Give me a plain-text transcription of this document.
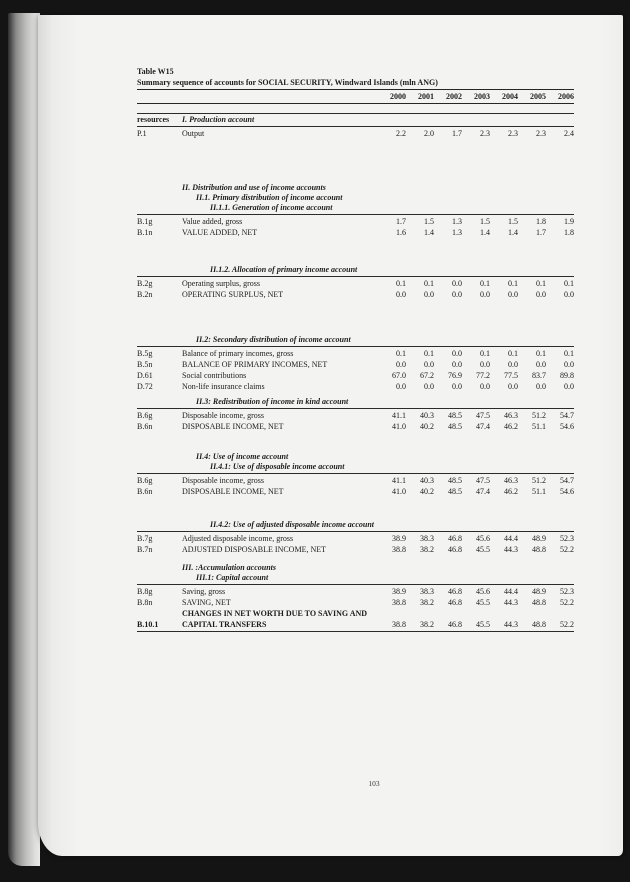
Table W15
Summary sequence of accounts for SOCIAL SECURITY, Windward Islands (mln ANG)
2000	2001	2002	2003	2004	2005	2006
resources	I. Production account
P.1	Output	2.2	2.0	1.7	2.3	2.3	2.3	2.4
II. Distribution and use of income accounts
II.1. Primary distribution of income account
II.1.1. Generation of income account
B.1g	Value added, gross	1.7	1.5	1.3	1.5	1.5	1.8	1.9
B.1n	VALUE ADDED, NET	1.6	1.4	1.3	1.4	1.4	1.7	1.8
II.1.2. Allocation of primary income account
B.2g	Operating surplus, gross	0.1	0.1	0.0	0.1	0.1	0.1	0.1
B.2n	OPERATING SURPLUS, NET	0.0	0.0	0.0	0.0	0.0	0.0	0.0
II.2: Secondary distribution of income account
B.5g	Balance of primary incomes, gross	0.1	0.1	0.0	0.1	0.1	0.1	0.1
B.5n	BALANCE OF PRIMARY INCOMES, NET	0.0	0.0	0.0	0.0	0.0	0.0	0.0
D.61	Social contributions	67.0	67.2	76.9	77.2	77.5	83.7	89.8
D.72	Non-life insurance claims	0.0	0.0	0.0	0.0	0.0	0.0	0.0
II.3: Redistribution of income in kind account
B.6g	Disposable income, gross	41.1	40.3	48.5	47.5	46.3	51.2	54.7
B.6n	DISPOSABLE INCOME, NET	41.0	40.2	48.5	47.4	46.2	51.1	54.6
II.4: Use of income account
II.4.1: Use of disposable income account
B.6g	Disposable income, gross	41.1	40.3	48.5	47.5	46.3	51.2	54.7
B.6n	DISPOSABLE INCOME, NET	41.0	40.2	48.5	47.4	46.2	51.1	54.6
II.4.2: Use of adjusted disposable income account
B.7g	Adjusted disposable income, gross	38.9	38.3	46.8	45.6	44.4	48.9	52.3
B.7n	ADJUSTED DISPOSABLE INCOME, NET	38.8	38.2	46.8	45.5	44.3	48.8	52.2
III. :Accumulation accounts
III.1: Capital account
B.8g	Saving, gross	38.9	38.3	46.8	45.6	44.4	48.9	52.3
B.8n	SAVING, NET	38.8	38.2	46.8	45.5	44.3	48.8	52.2
CHANGES IN NET WORTH DUE TO SAVING AND
B.10.1	CAPITAL TRANSFERS	38.8	38.2	46.8	45.5	44.3	48.8	52.2
103
